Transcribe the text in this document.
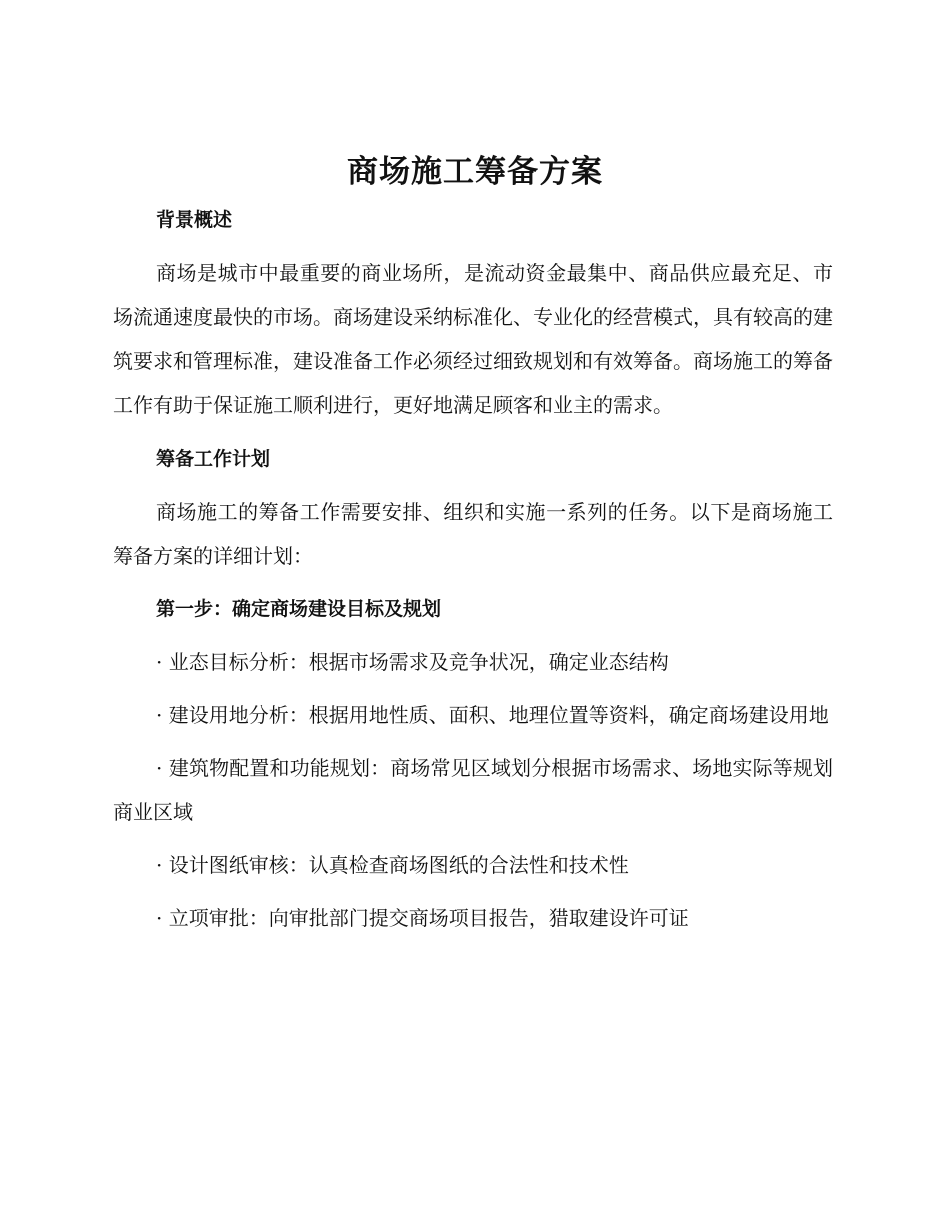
商场施工筹备方案

背景概述

商场是城市中最重要的商业场所，是流动资金最集中、商品供应最充足、市场流通速度最快的市场。商场建设采纳标准化、专业化的经营模式，具有较高的建筑要求和管理标准，建设准备工作必须经过细致规划和有效筹备。商场施工的筹备工作有助于保证施工顺利进行，更好地满足顾客和业主的需求。

筹备工作计划

商场施工的筹备工作需要安排、组织和实施一系列的任务。以下是商场施工筹备方案的详细计划：

第一步：确定商场建设目标及规划

· 业态目标分析：根据市场需求及竞争状况，确定业态结构

· 建设用地分析：根据用地性质、面积、地理位置等资料，确定商场建设用地

· 建筑物配置和功能规划：商场常见区域划分根据市场需求、场地实际等规划商业区域

· 设计图纸审核：认真检查商场图纸的合法性和技术性

· 立项审批：向审批部门提交商场项目报告，猎取建设许可证
